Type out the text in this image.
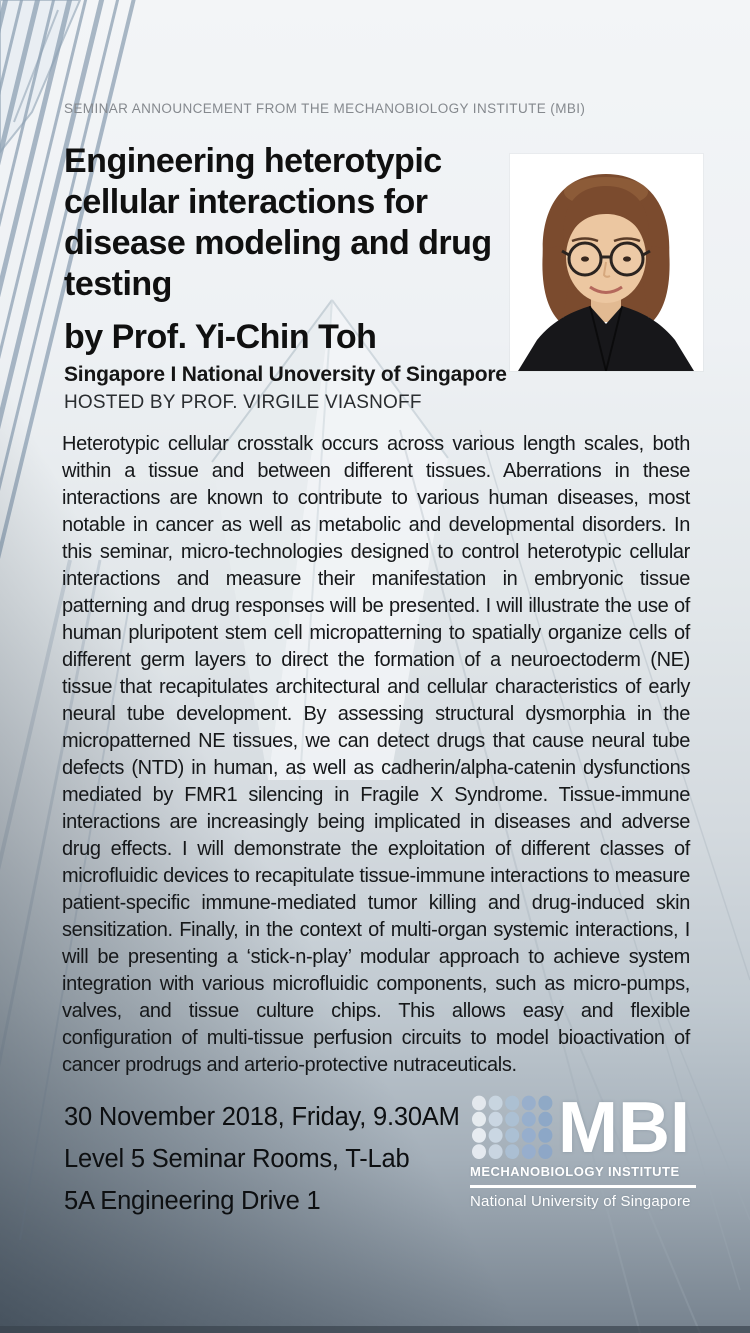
SEMINAR ANNOUNCEMENT FROM THE MECHANOBIOLOGY INSTITUTE (MBI)
Engineering heterotypic
cellular interactions for
disease modeling and drug
testing
by Prof. Yi-Chin Toh
Singapore I National Unoversity of Singapore
HOSTED BY PROF. VIRGILE VIASNOFF
Heterotypic cellular crosstalk occurs across various length scales, both within a tissue and between different tissues. Aberrations in these interactions are known to contribute to various human diseases, most notable in cancer as well as metabolic and developmental disorders. In this seminar, micro-technologies designed to control heterotypic cellular interactions and measure their manifestation in embryonic tissue patterning and drug responses will be presented. I will illustrate the use of human pluripotent stem cell micropatterning to spatially organize cells of different germ layers to direct the formation of a neuroectoderm (NE) tissue that recapitulates architectural and cellular characteristics of early neural tube development. By assessing structural dysmorphia in the micropatterned NE tissues, we can detect drugs that cause neural tube defects (NTD) in human, as well as cadherin/alpha-catenin dysfunctions mediated by FMR1 silencing in Fragile X Syndrome. Tissue-immune interactions are increasingly being implicated in diseases and adverse drug effects. I will demonstrate the exploitation of different classes of microfluidic devices to recapitulate tissue-immune interactions to measure patient-specific immune-mediated tumor killing and drug-induced skin sensitization. Finally, in the context of multi-organ systemic interactions, I will be presenting a ‘stick-n-play’ modular approach to achieve system integration with various microfluidic components, such as micro-pumps, valves, and tissue culture chips. This allows easy and flexible configuration of multi-tissue perfusion circuits to model bioactivation of cancer prodrugs and arterio-protective nutraceuticals.
30 November 2018, Friday, 9.30AM
Level 5 Seminar Rooms, T-Lab
5A Engineering Drive 1
MBI
MECHANOBIOLOGY INSTITUTE
National University of Singapore
